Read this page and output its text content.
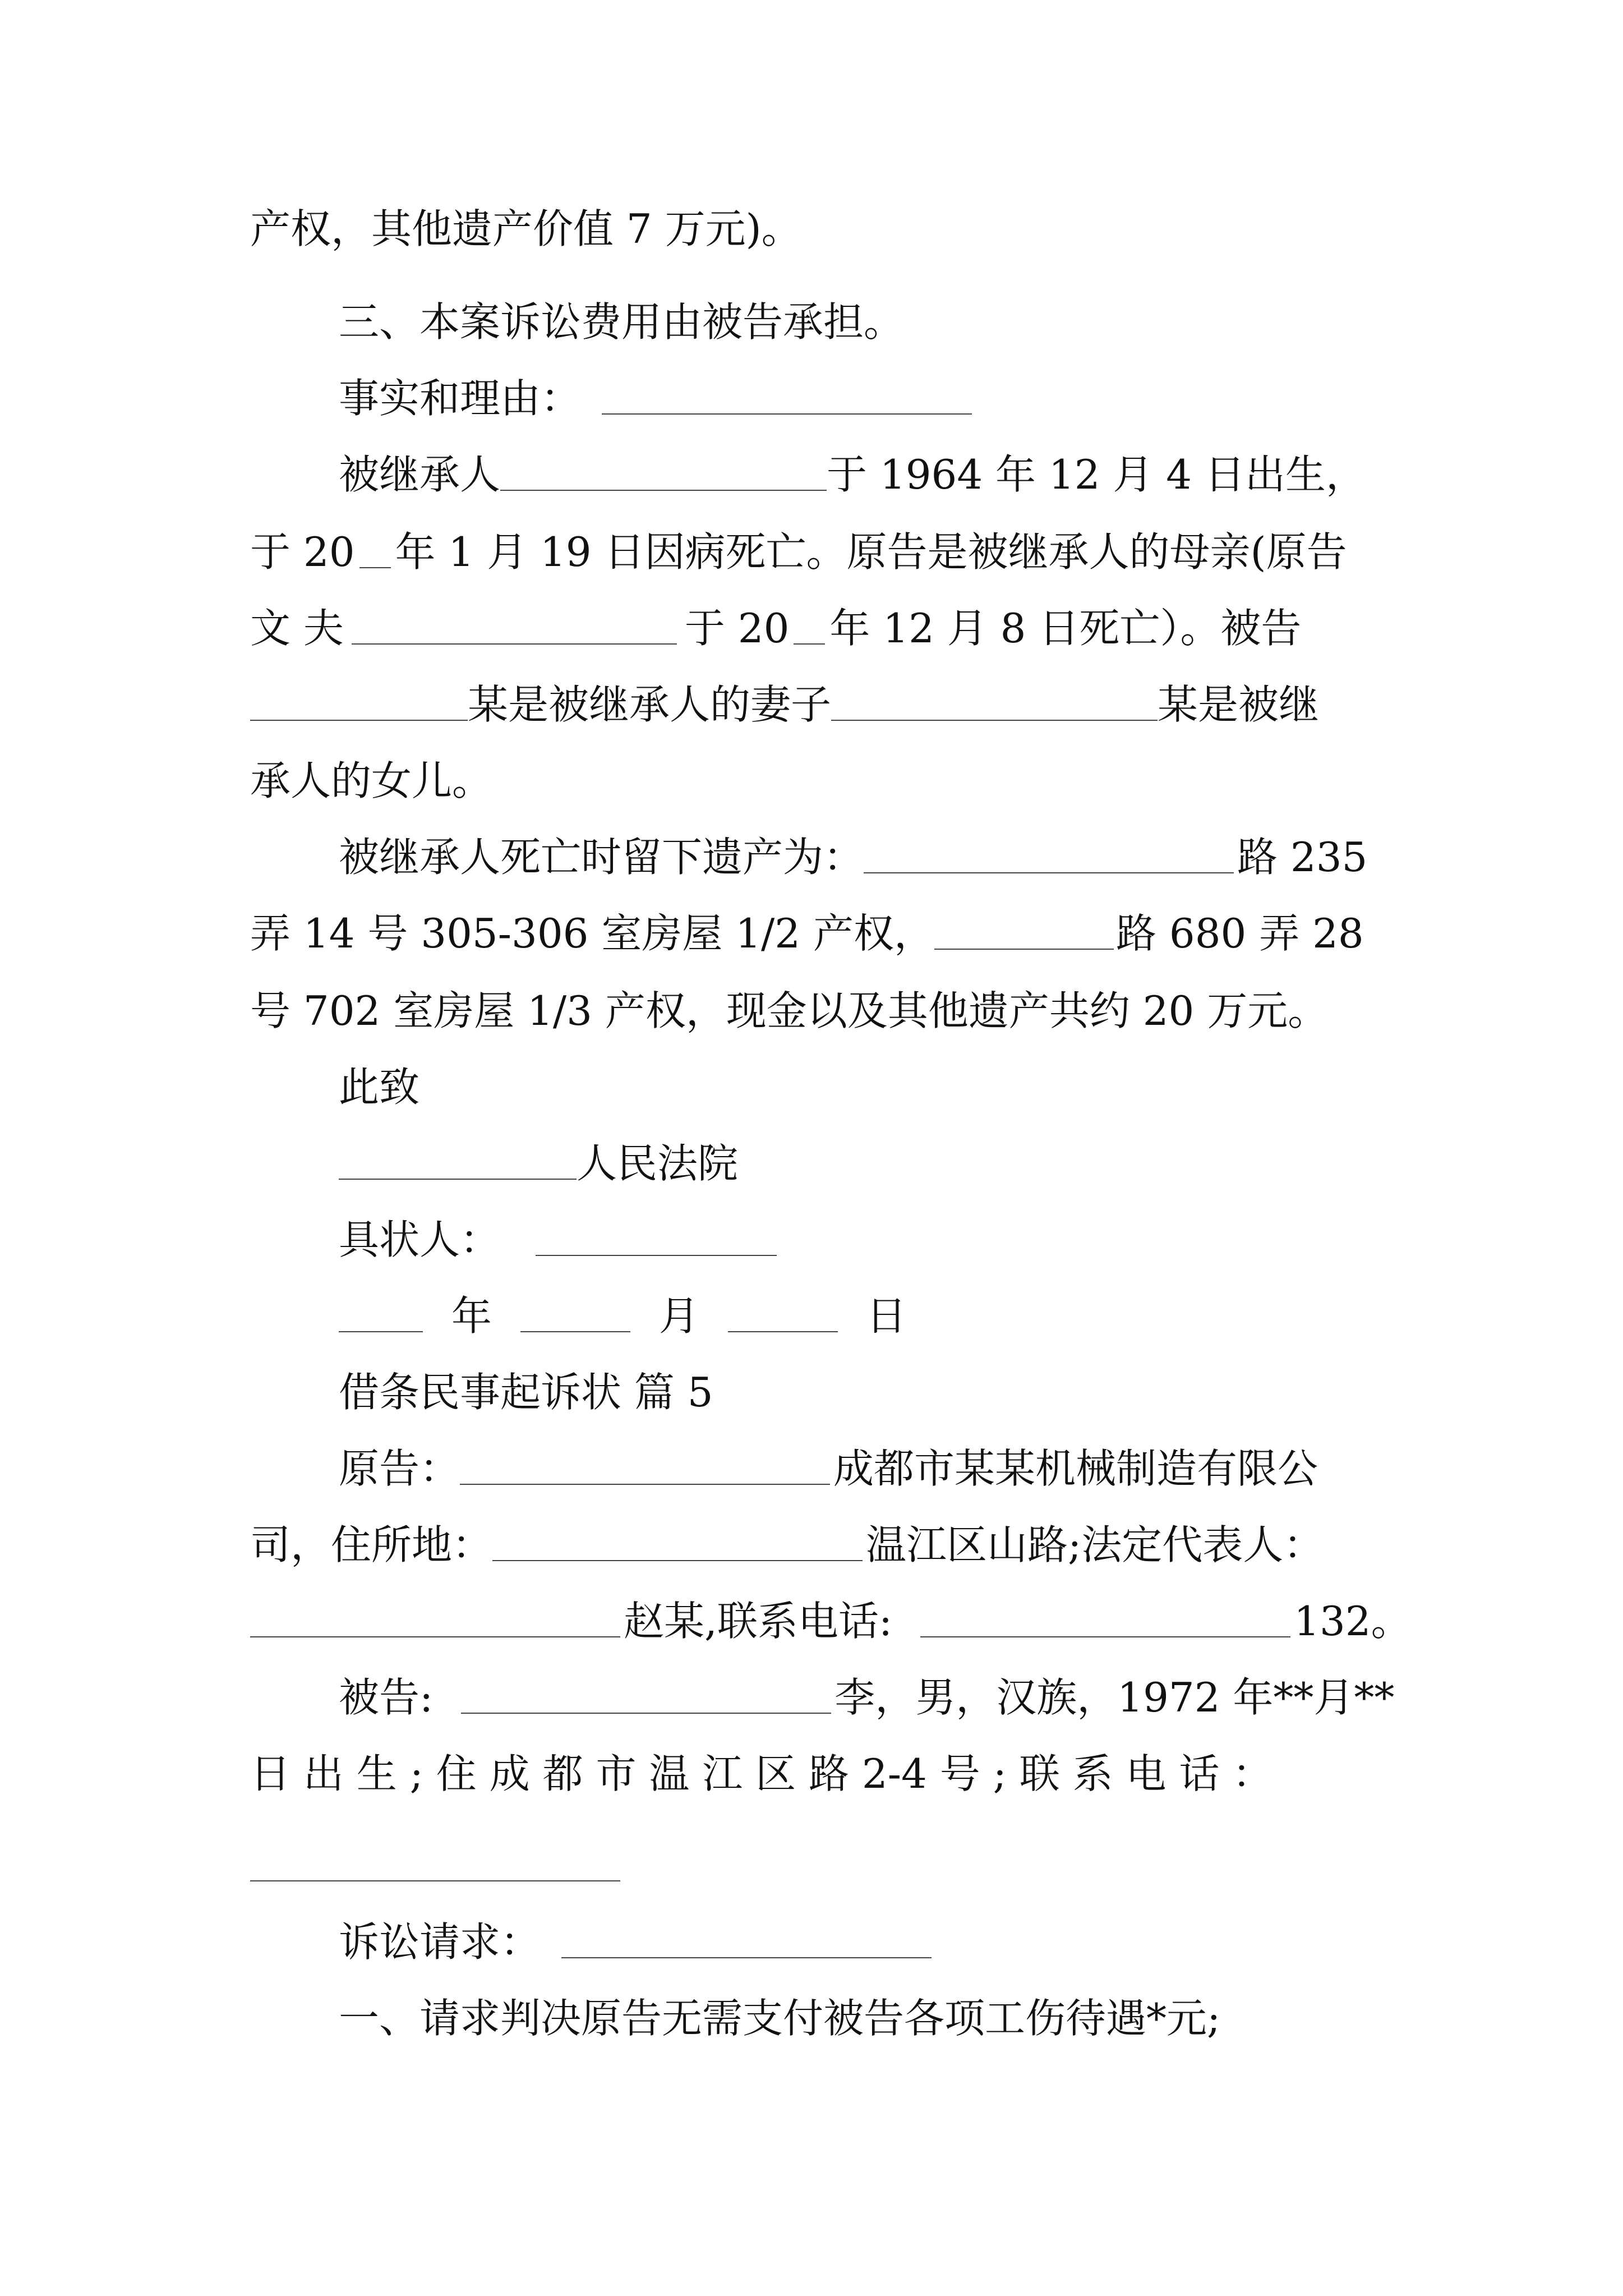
产权，其他遗产价值 7 万元)。

三、本案诉讼费用由被告承担。

事实和理由：

被继承人	于 1964 年 12 月 4 日出生，

于 20 年 1 月 19 日因病死亡。原告是被继承人的母亲(原告

文 夫	于 20 年 12 月 8 日死亡）。被告

某是被继承人的妻子	某是被继

承人的女儿。

被继承人死亡时留下遗产为：	路 235

弄 14 号 305-306 室房屋 1/2 产权，	路 680 弄 28

号 702 室房屋 1/3 产权，现金以及其他遗产共约 20 万元。

此致

人民法院

具状人：

年	月	日

借条民事起诉状 篇 5

原告：	成都市某某机械制造有限公

司，住所地：	温江区山路;法定代表人：

赵某,联系电话:	132。

被告:	李，男，汉族，1972 年**月**

日 出 生 ; 住 成 都 市 温 江 区 路 2-4 号 ; 联 系 电 话 ：

诉讼请求：

一、请求判决原告无需支付被告各项工伤待遇*元;
